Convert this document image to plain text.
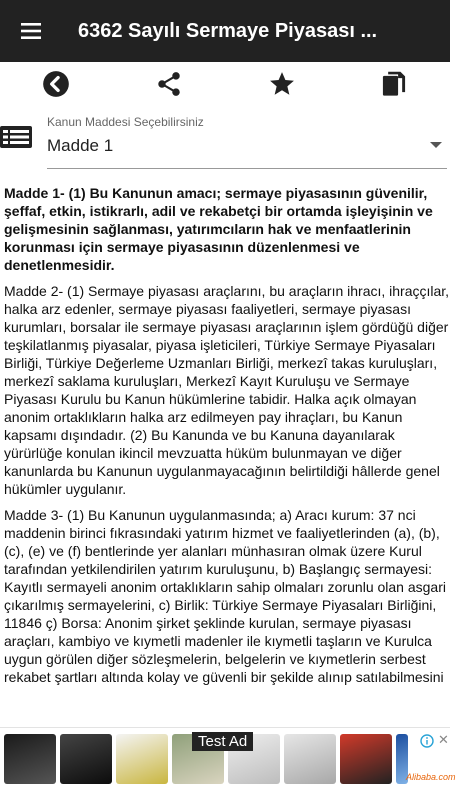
6362 Sayılı Sermaye Piyasası ...
Kanun Maddesi Seçebilirsiniz
Madde 1

Madde 1- (1) Bu Kanunun amacı; sermaye piyasasının güvenilir, şeffaf, etkin, istikrarlı, adil ve rekabetçi bir ortamda işleyişinin ve gelişmesinin sağlanması, yatırımcıların hak ve menfaatlerinin korunması için sermaye piyasasının düzenlenmesi ve denetlenmesidir.

Madde 2- (1) Sermaye piyasası araçlarını, bu araçların ihracı, ihraççılar, halka arz edenler, sermaye piyasası faaliyetleri, sermaye piyasası kurumları, borsalar ile sermaye piyasası araçlarının işlem gördüğü diğer teşkilatlanmış piyasalar, piyasa işleticileri, Türkiye Sermaye Piyasaları Birliği, Türkiye Değerleme Uzmanları Birliği, merkezî takas kuruluşları, merkezî saklama kuruluşları, Merkezî Kayıt Kuruluşu ve Sermaye Piyasası Kurulu bu Kanun hükümlerine tabidir. Halka açık olmayan anonim ortaklıkların halka arz edilmeyen pay ihraçları, bu Kanun kapsamı dışındadır. (2) Bu Kanunda ve bu Kanuna dayanılarak yürürlüğe konulan ikincil mevzuatta hüküm bulunmayan ve diğer kanunlarda bu Kanunun uygulanmayacağının belirtildiği hâllerde genel hükümler uygulanır.

Madde 3- (1) Bu Kanunun uygulanmasında; a) Aracı kurum: 37 nci maddenin birinci fıkrasındaki yatırım hizmet ve faaliyetlerinden (a), (b), (c), (e) ve (f) bentlerinde yer alanları münhasıran olmak üzere Kurul tarafından yetkilendirilen yatırım kuruluşunu, b) Başlangıç sermayesi: Kayıtlı sermayeli anonim ortaklıkların sahip olmaları zorunlu olan asgari çıkarılmış sermayelerini, c) Birlik: Türkiye Sermaye Piyasaları Birliğini, 11846 ç) Borsa: Anonim şirket şeklinde kurulan, sermaye piyasası araçları, kambiyo ve kıymetli madenler ile kıymetli taşların ve Kurulca uygun görülen diğer sözleşmelerin, belgelerin ve kıymetlerin serbest rekabet şartları altında kolay ve güvenli bir şekilde alınıp satılabilmesini

Test Ad	✕
Alibaba.com
